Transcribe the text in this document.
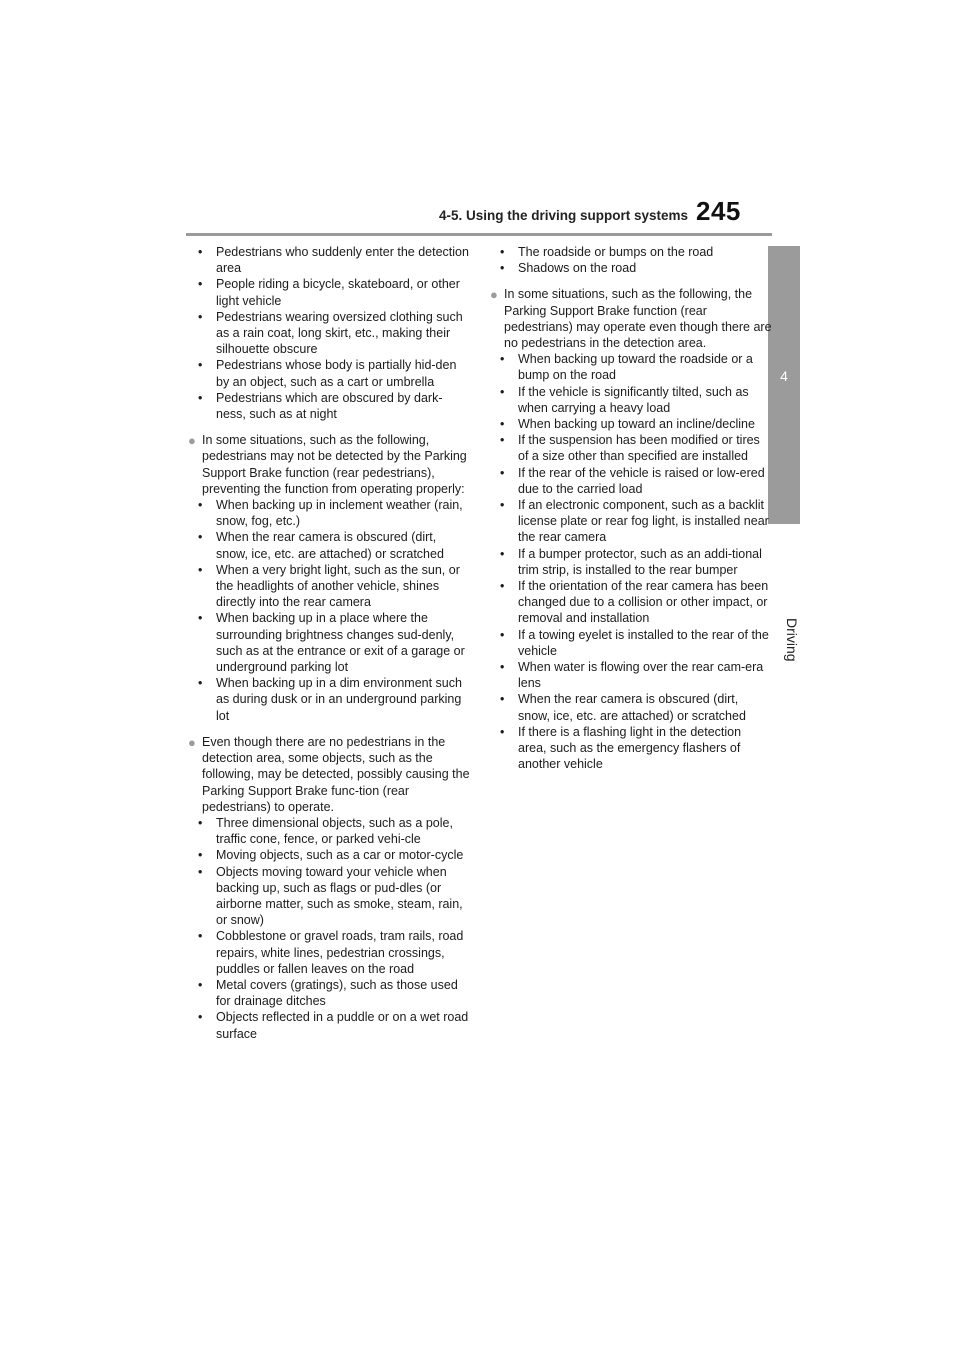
4-5. Using the driving support systems 245
4
Driving

• Pedestrians who suddenly enter the detection area

• People riding a bicycle, skateboard, or other light vehicle

• Pedestrians wearing oversized clothing such as a rain coat, long skirt, etc., making their silhouette obscure

• Pedestrians whose body is partially hid-den by an object, such as a cart or umbrella

• Pedestrians which are obscured by dark-ness, such as at night

● In some situations, such as the following, pedestrians may not be detected by the Parking Support Brake function (rear pedestrians), preventing the function from operating properly:

• When backing up in inclement weather (rain, snow, fog, etc.)

• When the rear camera is obscured (dirt, snow, ice, etc. are attached) or scratched

• When a very bright light, such as the sun, or the headlights of another vehicle, shines directly into the rear camera

• When backing up in a place where the surrounding brightness changes sud-denly, such as at the entrance or exit of a garage or underground parking lot

• When backing up in a dim environment such as during dusk or in an underground parking lot

● Even though there are no pedestrians in the detection area, some objects, such as the following, may be detected, possibly causing the Parking Support Brake func-tion (rear pedestrians) to operate.

• Three dimensional objects, such as a pole, traffic cone, fence, or parked vehi-cle

• Moving objects, such as a car or motor-cycle

• Objects moving toward your vehicle when backing up, such as flags or pud-dles (or airborne matter, such as smoke, steam, rain, or snow)

• Cobblestone or gravel roads, tram rails, road repairs, white lines, pedestrian crossings, puddles or fallen leaves on the road

• Metal covers (gratings), such as those used for drainage ditches

• Objects reflected in a puddle or on a wet road surface

• The roadside or bumps on the road

• Shadows on the road

● In some situations, such as the following, the Parking Support Brake function (rear pedestrians) may operate even though there are no pedestrians in the detection area.

• When backing up toward the roadside or a bump on the road

• If the vehicle is significantly tilted, such as when carrying a heavy load

• When backing up toward an incline/decline

• If the suspension has been modified or tires of a size other than specified are installed

• If the rear of the vehicle is raised or low-ered due to the carried load

• If an electronic component, such as a backlit license plate or rear fog light, is installed near the rear camera

• If a bumper protector, such as an addi-tional trim strip, is installed to the rear bumper

• If the orientation of the rear camera has been changed due to a collision or other impact, or removal and installation

• If a towing eyelet is installed to the rear of the vehicle

• When water is flowing over the rear cam-era lens

• When the rear camera is obscured (dirt, snow, ice, etc. are attached) or scratched

• If there is a flashing light in the detection area, such as the emergency flashers of another vehicle
